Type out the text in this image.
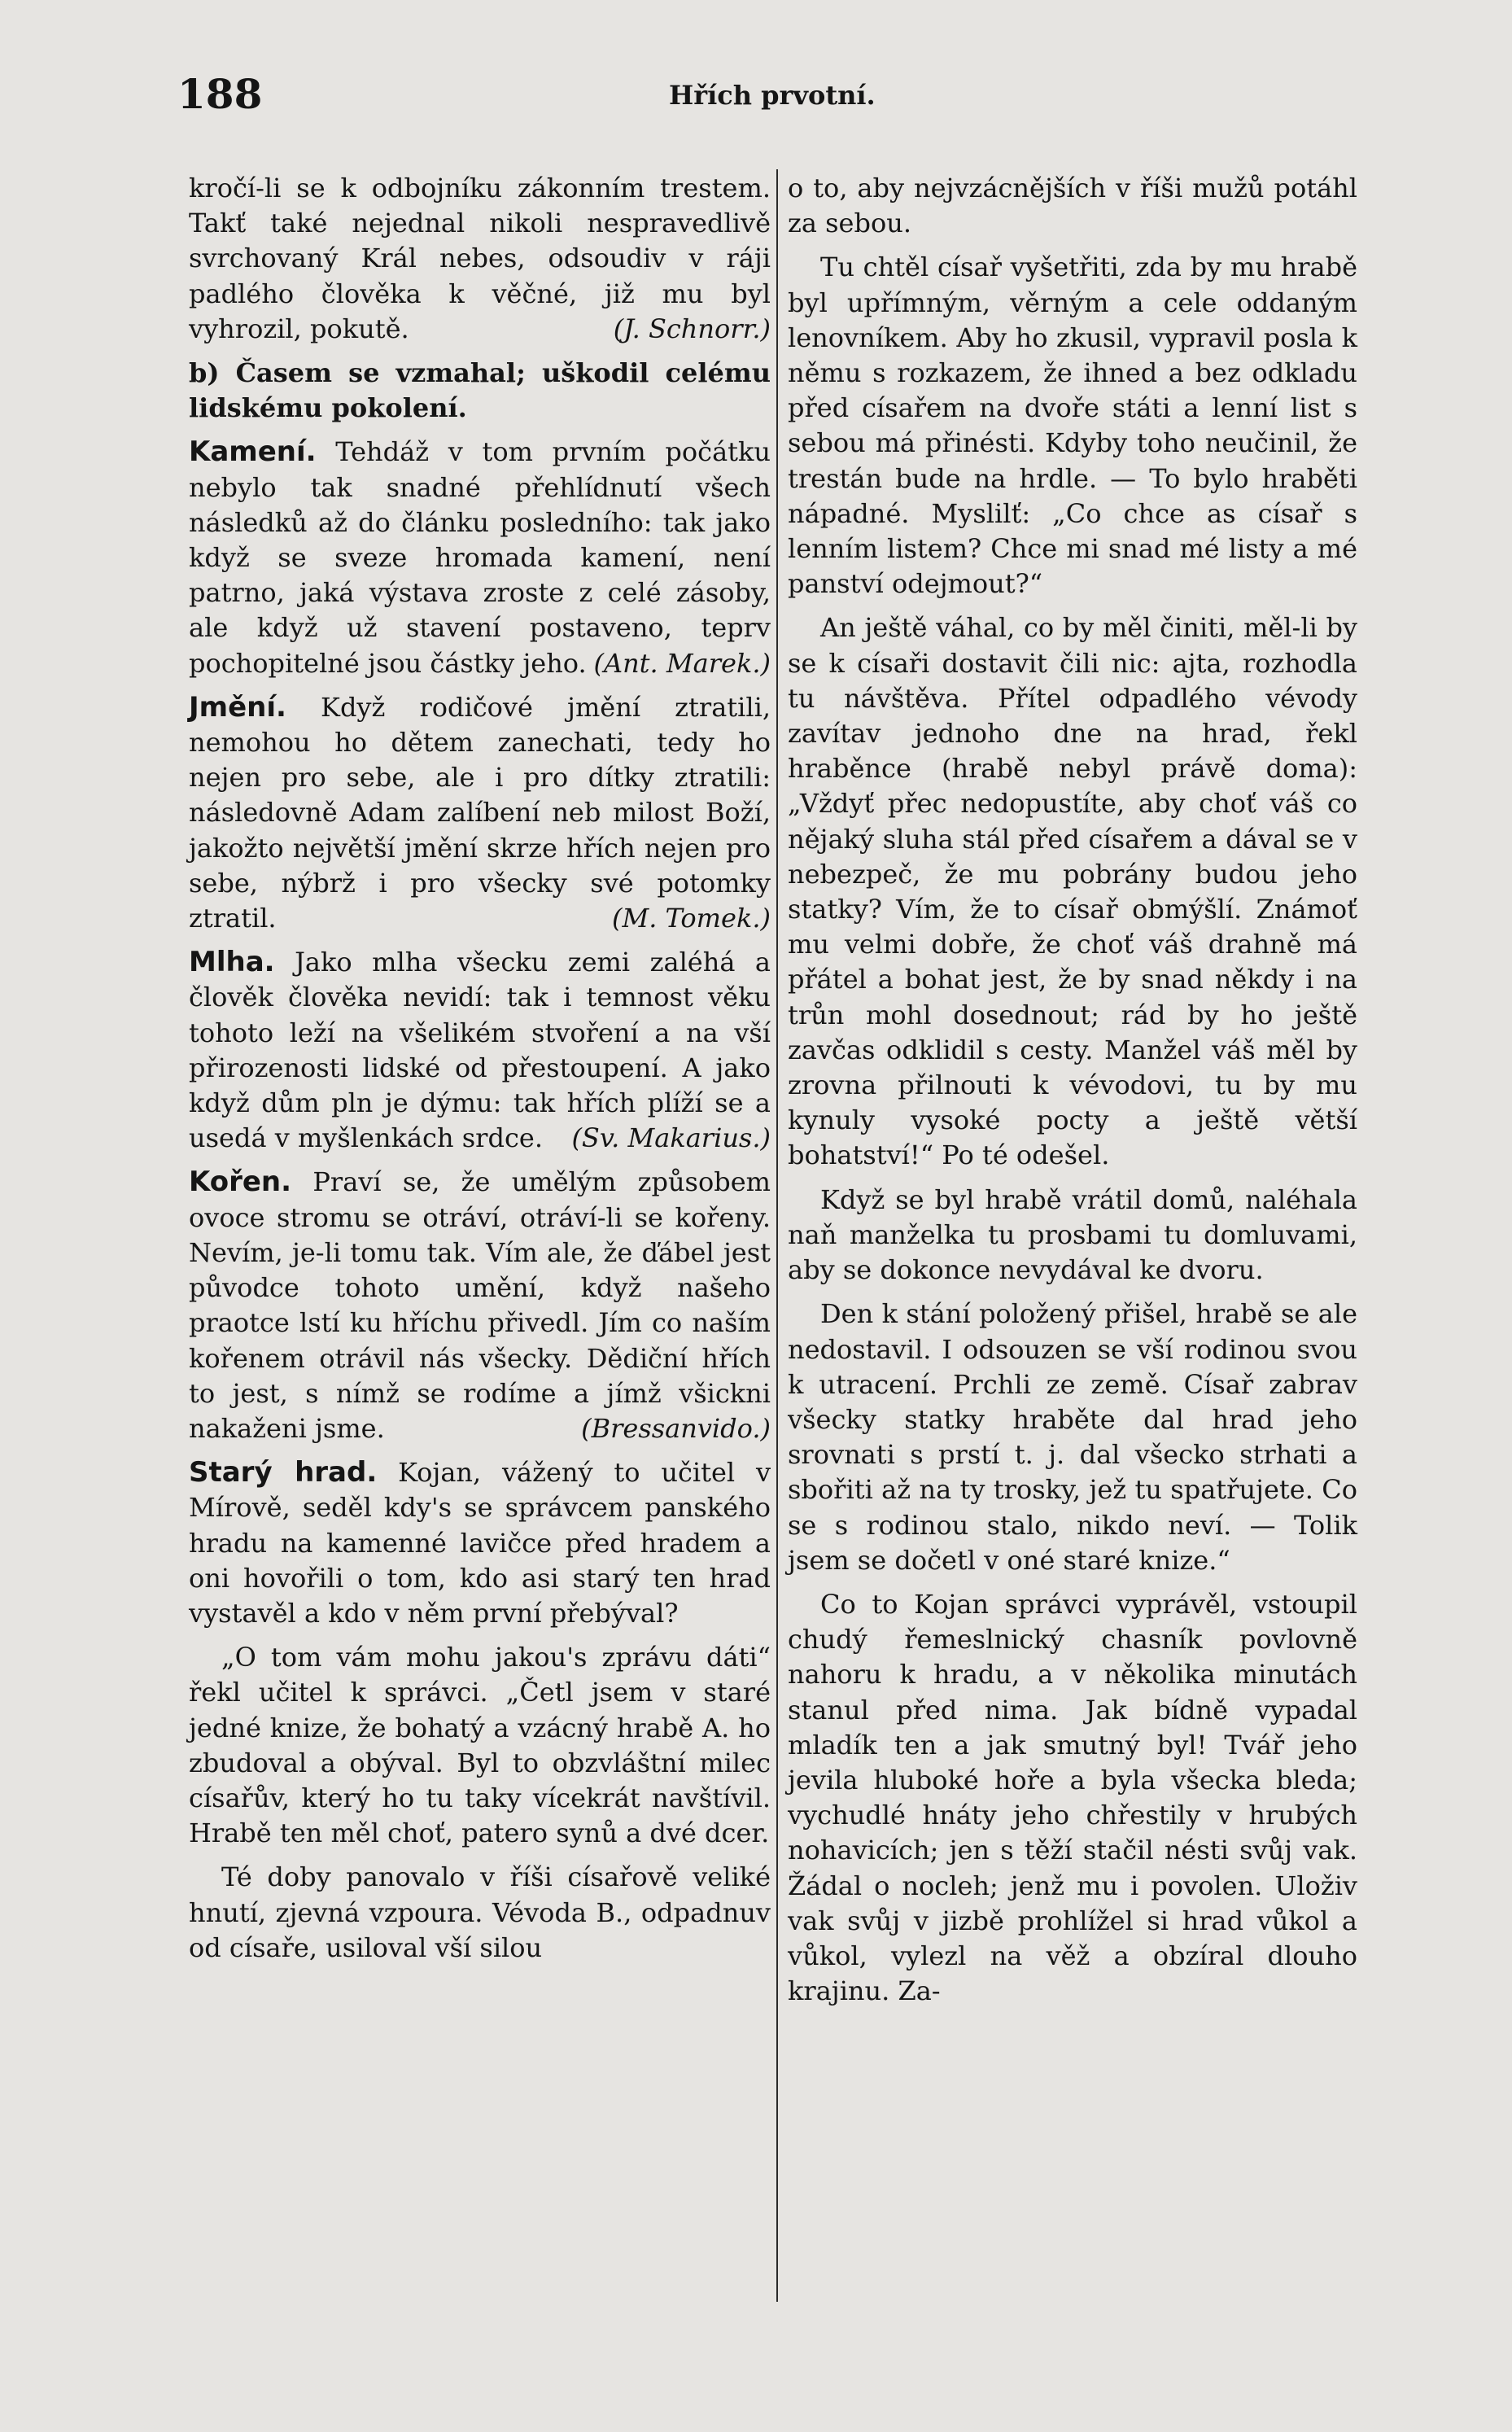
188	Hřích prvotní.

kročí-li se k odbojníku zákonním trestem. Takť také nejednal nikoli nespravedlivě svrchovaný Král nebes, odsoudiv v ráji padlého člověka k věčné, již mu byl vyhrozil, pokutě.	(J. Schnorr.)

b) Časem se vzmahal; uškodil celému lidskému pokolení.

Kamení. Tehdáž v tom prvním počátku nebylo tak snadné přehlídnutí všech následků až do článku posledního: tak jako když se sveze hromada kamení, není patrno, jaká výstava zroste z celé zásoby, ale když už stavení postaveno, teprv pochopitelné jsou částky jeho. (Ant. Marek.)

Jmění. Když rodičové jmění ztratili, nemohou ho dětem zanechati, tedy ho nejen pro sebe, ale i pro dítky ztratili: následovně Adam zalíbení neb milost Boží, jakožto největší jmění skrze hřích nejen pro sebe, nýbrž i pro všecky své potomky ztratil.	(M. Tomek.)

Mlha. Jako mlha všecku zemi zaléhá a člověk člověka nevidí: tak i temnost věku tohoto leží na všelikém stvoření a na vší přirozenosti lidské od přestoupení. A jako když dům pln je dýmu: tak hřích plíží se a usedá v myšlenkách srdce. (Sv. Makarius.)

Kořen. Praví se, že umělým způsobem ovoce stromu se otráví, otráví-li se kořeny. Nevím, je-li tomu tak. Vím ale, že ďábel jest původce tohoto umění, když našeho praotce lstí ku hříchu přivedl. Jím co naším kořenem otrávil nás všecky. Dědiční hřích to jest, s nímž se rodíme a jímž všickni nakaženi jsme.	(Bressanvido.)

Starý hrad. Kojan, vážený to učitel v Mírově, seděl kdy's se správcem panského hradu na kamenné lavičce před hradem a oni hovořili o tom, kdo asi starý ten hrad vystavěl a kdo v něm první přebýval?

„O tom vám mohu jakou's zprávu dáti“ řekl učitel k správci. „Četl jsem v staré jedné knize, že bohatý a vzácný hrabě A. ho zbudoval a obýval. Byl to obzvláštní milec císařův, který ho tu taky vícekrát navštívil. Hrabě ten měl choť, patero synů a dvé dcer.

Té doby panovalo v říši císařově veliké hnutí, zjevná vzpoura. Vévoda B., odpadnuv od císaře, usiloval vší silou

o to, aby nejvzácnějších v říši mužů potáhl za sebou.

Tu chtěl císař vyšetřiti, zda by mu hrabě byl upřímným, věrným a cele oddaným lenovníkem. Aby ho zkusil, vypravil posla k němu s rozkazem, že ihned a bez odkladu před císařem na dvoře státi a lenní list s sebou má přinésti. Kdyby toho neučinil, že trestán bude na hrdle. — To bylo hraběti nápadné. Myslilť: „Co chce as císař s lenním listem? Chce mi snad mé listy a mé panství odejmout?“

An ještě váhal, co by měl činiti, měl-li by se k císaři dostavit čili nic: ajta, rozhodla tu návštěva. Přítel odpadlého vévody zavítav jednoho dne na hrad, řekl hraběnce (hrabě nebyl právě doma): „Vždyť přec nedopustíte, aby choť váš co nějaký sluha stál před císařem a dával se v nebezpeč, že mu pobrány budou jeho statky? Vím, že to císař obmýšlí. Známoť mu velmi dobře, že choť váš drahně má přátel a bohat jest, že by snad někdy i na trůn mohl dosednout; rád by ho ještě zavčas odklidil s cesty. Manžel váš měl by zrovna přilnouti k vévodovi, tu by mu kynuly vysoké pocty a ještě větší bohatství!“ Po té odešel.

Když se byl hrabě vrátil domů, naléhala naň manželka tu prosbami tu domluvami, aby se dokonce nevydával ke dvoru.

Den k stání položený přišel, hrabě se ale nedostavil. I odsouzen se vší rodinou svou k utracení. Prchli ze země. Císař zabrav všecky statky hraběte dal hrad jeho srovnati s prstí t. j. dal všecko strhati a sbořiti až na ty trosky, jež tu spatřujete. Co se s rodinou stalo, nikdo neví. — Tolik jsem se dočetl v oné staré knize.“

Co to Kojan správci vyprávěl, vstoupil chudý řemeslnický chasník povlovně nahoru k hradu, a v několika minutách stanul před nima. Jak bídně vypadal mladík ten a jak smutný byl! Tvář jeho jevila hluboké hoře a byla všecka bleda; vychudlé hnáty jeho chřestily v hrubých nohavicích; jen s těží stačil nésti svůj vak. Žádal o nocleh; jenž mu i povolen. Uloživ vak svůj v jizbě prohlížel si hrad vůkol a vůkol, vylezl na věž a obzíral dlouho krajinu. Za-
